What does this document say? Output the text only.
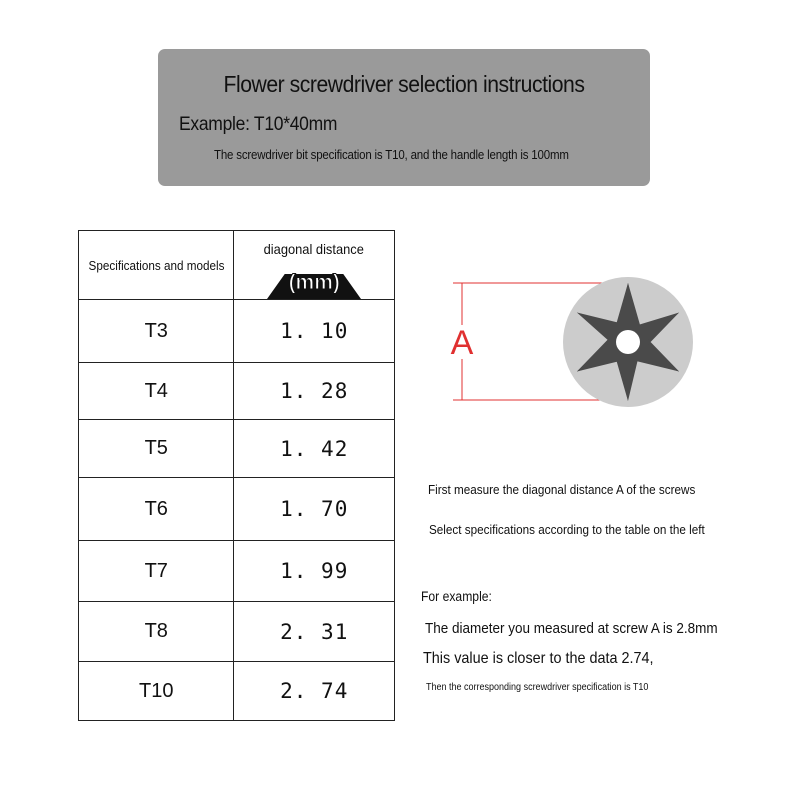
Flower screwdriver selection instructions
Example: T10*40mm
The screwdriver bit specification is T10, and the handle length is 100mm
Specifications and models	diagonal distance
(mm)

T3	1. 10
T4	1. 28
T5	1. 42
T6	1. 70
T7	1. 99
T8	2. 31
T10	2. 74
A
First measure the diagonal distance A of the screws
Select specifications according to the table on the left
For example:
The diameter you measured at screw A is 2.8mm
This value is closer to the data 2.74,
Then the corresponding screwdriver specification is T10
